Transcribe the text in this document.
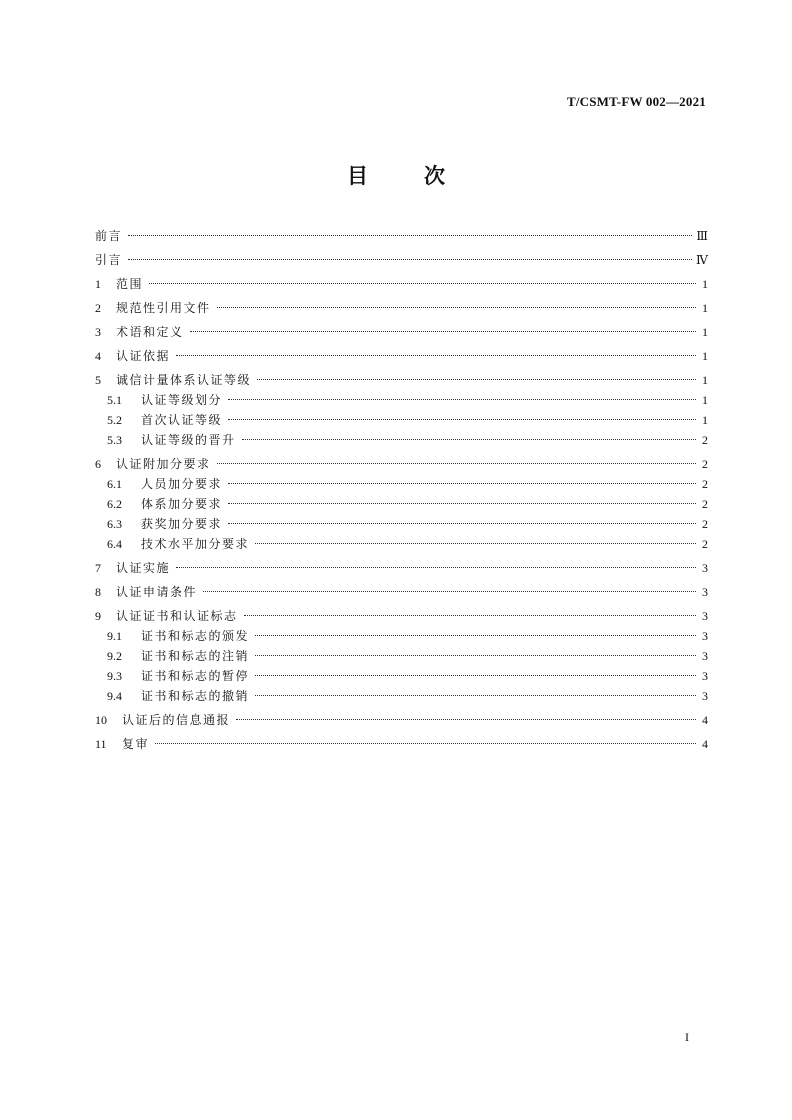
T/CSMT-FW 002—2021
目次
前言	Ⅲ
引言	Ⅳ
1	范围	1
2	规范性引用文件	1
3	术语和定义	1
4	认证依据	1
5	诚信计量体系认证等级	1
5.1	认证等级划分	1
5.2	首次认证等级	1
5.3	认证等级的晋升	2
6	认证附加分要求	2
6.1	人员加分要求	2
6.2	体系加分要求	2
6.3	获奖加分要求	2
6.4	技术水平加分要求	2
7	认证实施	3
8	认证申请条件	3
9	认证证书和认证标志	3
9.1	证书和标志的颁发	3
9.2	证书和标志的注销	3
9.3	证书和标志的暂停	3
9.4	证书和标志的撤销	3
10	认证后的信息通报	4
11	复审	4
I
